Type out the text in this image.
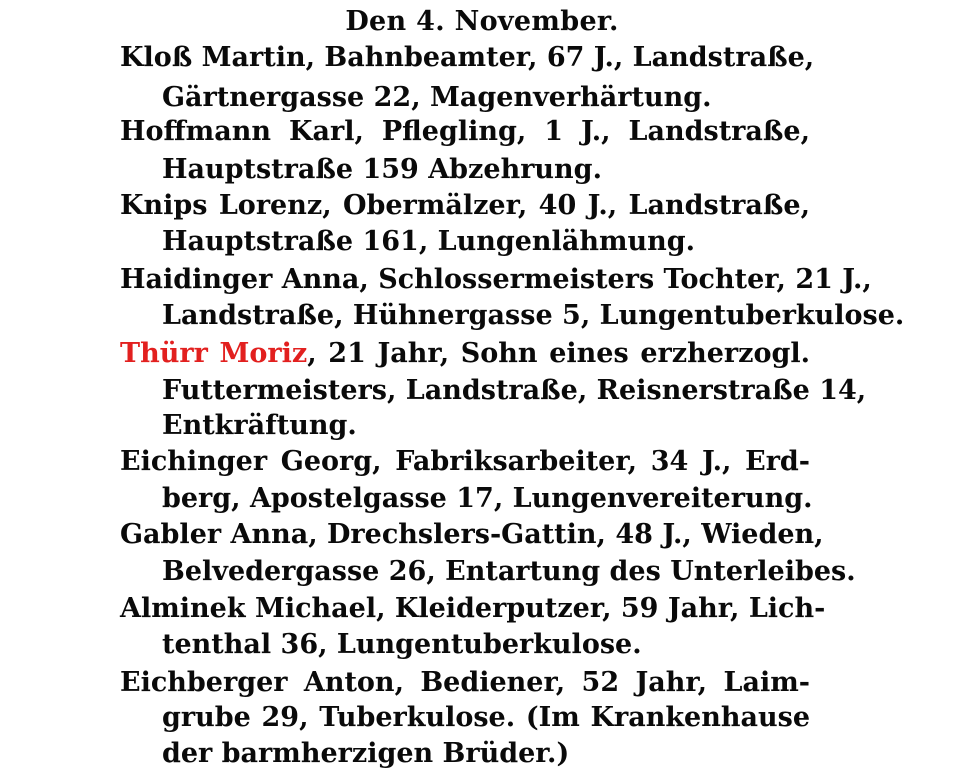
Den 4. November.
Kloß Martin, Bahnbeamter, 67 J., Landstraße,
Gärtnergasse 22, Magenverhärtung.
Hoffmann Karl, Pflegling, 1 J., Landstraße,
Hauptstraße 159 Abzehrung.
Knips Lorenz, Obermälzer, 40 J., Landstraße,
Hauptstraße 161, Lungenlähmung.
Haidinger Anna, Schlossermeisters Tochter, 21 J.,
Landstraße, Hühnergasse 5, Lungentuberkulose.
Thürr Moriz, 21 Jahr, Sohn eines erzherzogl.
Futtermeisters, Landstraße, Reisnerstraße 14,
Entkräftung.
Eichinger Georg, Fabriksarbeiter, 34 J., Erd-
berg, Apostelgasse 17, Lungenvereiterung.
Gabler Anna, Drechslers-Gattin, 48 J., Wieden,
Belvedergasse 26, Entartung des Unterleibes.
Alminek Michael, Kleiderputzer, 59 Jahr, Lich-
tenthal 36, Lungentuberkulose.
Eichberger Anton, Bediener, 52 Jahr, Laim-
grube 29, Tuberkulose. (Im Krankenhause
der barmherzigen Brüder.)
